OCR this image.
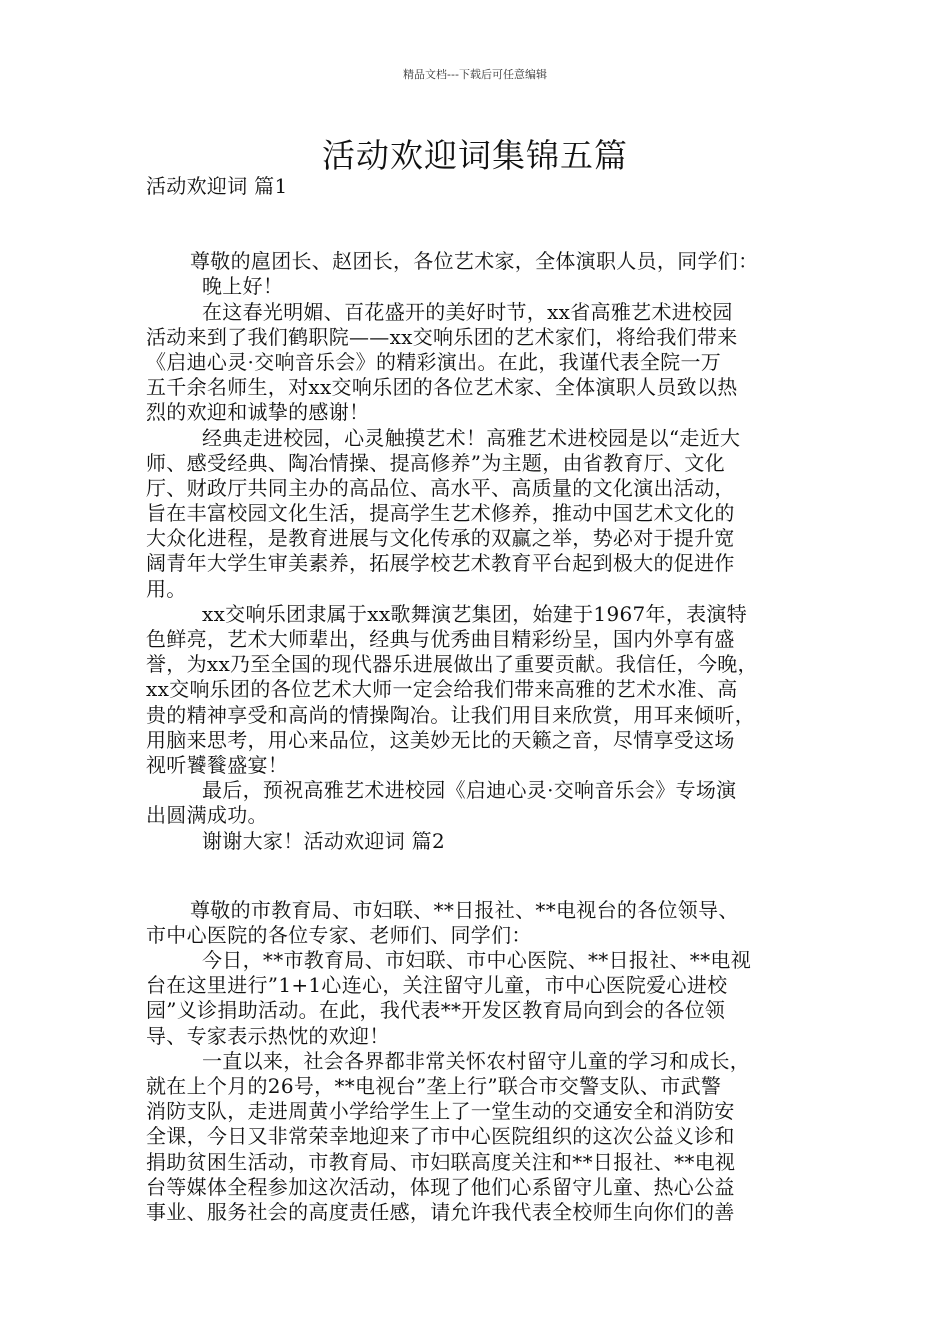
精品文档---下载后可任意编辑
活动欢迎词集锦五篇
活动欢迎词 篇1
尊敬的扈团长、赵团长，各位艺术家，全体演职人员，同学们：
晚上好！
在这春光明媚、百花盛开的美好时节，xx省高雅艺术进校园
活动来到了我们鹤职院——xx交响乐团的艺术家们，将给我们带来
《启迪心灵·交响音乐会》的精彩演出。在此，我谨代表全院一万
五千余名师生，对xx交响乐团的各位艺术家、全体演职人员致以热
烈的欢迎和诚挚的感谢！
经典走进校园，心灵触摸艺术！高雅艺术进校园是以“走近大
师、感受经典、陶冶情操、提高修养”为主题，由省教育厅、文化
厅、财政厅共同主办的高品位、高水平、高质量的文化演出活动，
旨在丰富校园文化生活，提高学生艺术修养，推动中国艺术文化的
大众化进程，是教育进展与文化传承的双赢之举，势必对于提升宽
阔青年大学生审美素养，拓展学校艺术教育平台起到极大的促进作
用。
xx交响乐团隶属于xx歌舞演艺集团，始建于1967年，表演特
色鲜亮，艺术大师辈出，经典与优秀曲目精彩纷呈，国内外享有盛
誉，为xx乃至全国的现代器乐进展做出了重要贡献。我信任，今晚，
xx交响乐团的各位艺术大师一定会给我们带来高雅的艺术水准、高
贵的精神享受和高尚的情操陶冶。让我们用目来欣赏，用耳来倾听，
用脑来思考，用心来品位，这美妙无比的天籁之音，尽情享受这场
视听饕餮盛宴！
最后，预祝高雅艺术进校园《启迪心灵·交响音乐会》专场演
出圆满成功。
谢谢大家！活动欢迎词 篇2
尊敬的市教育局、市妇联、**日报社、**电视台的各位领导、
市中心医院的各位专家、老师们、同学们：
今日，**市教育局、市妇联、市中心医院、**日报社、**电视
台在这里进行”1+1心连心，关注留守儿童，市中心医院爱心进校
园”义诊捐助活动。在此，我代表**开发区教育局向到会的各位领
导、专家表示热忱的欢迎！
一直以来，社会各界都非常关怀农村留守儿童的学习和成长，
就在上个月的26号，**电视台”垄上行”联合市交警支队、市武警
消防支队，走进周黄小学给学生上了一堂生动的交通安全和消防安
全课，今日又非常荣幸地迎来了市中心医院组织的这次公益义诊和
捐助贫困生活动，市教育局、市妇联高度关注和**日报社、**电视
台等媒体全程参加这次活动，体现了他们心系留守儿童、热心公益
事业、服务社会的高度责任感，请允许我代表全校师生向你们的善
